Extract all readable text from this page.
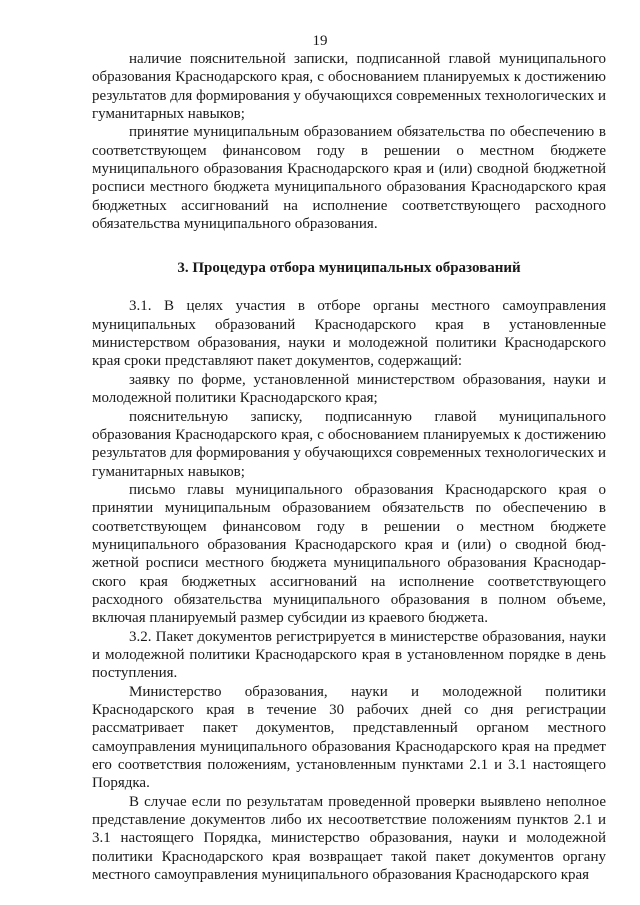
19

наличие пояснительной записки, подписанной главой муниципального образования Краснодарского края, с обоснованием планируемых к достижению результатов для формирования у обучающихся современных технологических и гуманитарных навыков;

принятие муниципальным образованием обязательства по обеспечению в соответствующем финансовом году в решении о местном бюджете муниципального образования Краснодарского края и (или) сводной бюджетной росписи местного бюджета муниципального образования Краснодарского края бюджетных ассигнований на исполнение соответствующего расходного обязательства муниципального образования.

3. Процедура отбора муниципальных образований

3.1. В целях участия в отборе органы местного самоуправления муниципальных образований Краснодарского края в установленные министерством образования, науки и молодежной политики Краснодарского края сроки представляют пакет документов, содержащий:

заявку по форме, установленной министерством образования, науки и молодежной политики Краснодарского края;

пояснительную записку, подписанную главой муниципального образования Краснодарского края, с обоснованием планируемых к достижению результатов для формирования у обучающихся современных технологических и гуманитарных навыков;

письмо главы муниципального образования Краснодарского края о принятии муниципальным образованием обязательств по обеспечению в соответствующем финансовом году в решении о местном бюджете муниципального образования Краснодарского края и (или) о сводной бюджетной росписи местного бюджета муниципального образования Краснодарского края бюджетных ассигнований на исполнение соответствующего расходного обязательства муниципального образования в полном объеме, включая планируемый размер субсидии из краевого бюджета.

3.2. Пакет документов регистрируется в министерстве образования, науки и молодежной политики Краснодарского края в установленном порядке в день поступления.

Министерство образования, науки и молодежной политики Краснодарского края в течение 30 рабочих дней со дня регистрации рассматривает пакет документов, представленный органом местного самоуправления муниципального образования Краснодарского края на предмет его соответствия положениям, установленным пунктами 2.1 и 3.1 настоящего Порядка.

В случае если по результатам проведенной проверки выявлено неполное представление документов либо их несоответствие положениям пунктов 2.1 и 3.1 настоящего Порядка, министерство образования, науки и молодежной политики Краснодарского края возвращает такой пакет документов органу местного самоуправления муниципального образования Краснодарского края
